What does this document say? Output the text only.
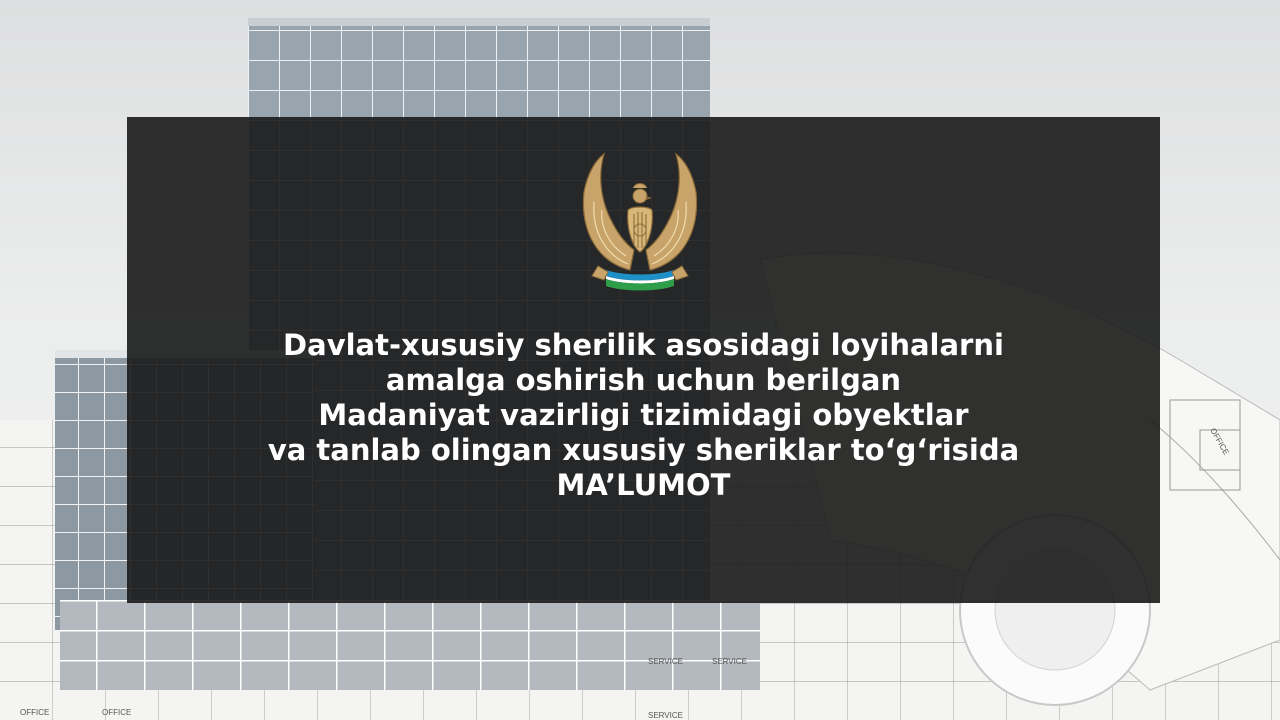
OFFICE	OFFICE
SERVICE	SERVICE
SERVICE
OFFICE
Davlat-xususiy sherilik asosidagi loyihalarni
amalga oshirish uchun berilgan
Madaniyat vazirligi tizimidagi obyektlar
va tanlab olingan xususiy sheriklar to‘g‘risida
MA’LUMOT
